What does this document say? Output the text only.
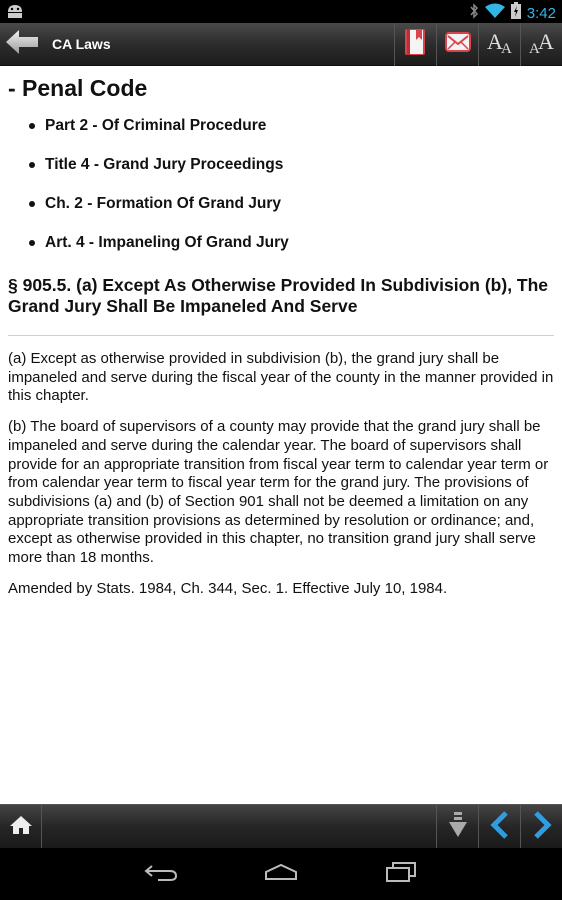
3:42
CA Laws	A
A A
A
- Penal Code
Part 2 - Of Criminal Procedure
Title 4 - Grand Jury Proceedings
Ch. 2 - Formation Of Grand Jury
Art. 4 - Impaneling Of Grand Jury
§ 905.5. (a) Except As Otherwise Provided In Subdivision (b), The Grand Jury Shall Be Impaneled And Serve

(a) Except as otherwise provided in subdivision (b), the grand jury shall be impaneled and serve during the fiscal year of the county in the manner provided in this chapter.

(b) The board of supervisors of a county may provide that the grand jury shall be impaneled and serve during the calendar year. The board of supervisors shall provide for an appropriate transition from fiscal year term to calendar year term or from calendar year term to fiscal year term for the grand jury. The provisions of subdivisions (a) and (b) of Section 901 shall not be deemed a limitation on any appropriate transition provisions as determined by resolution or ordinance; and, except as otherwise provided in this chapter, no transition grand jury shall serve more than 18 months.

Amended by Stats. 1984, Ch. 344, Sec. 1. Effective July 10, 1984.
